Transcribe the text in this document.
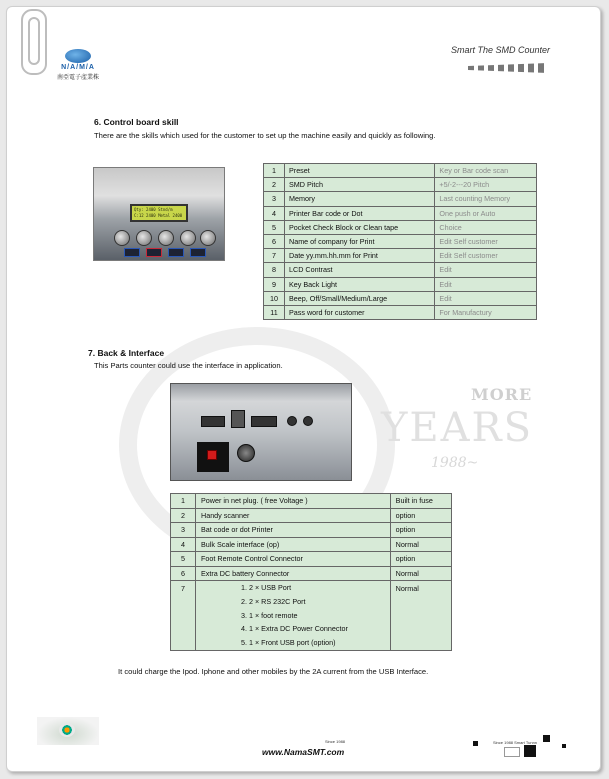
N/A/M/A
南亞電子產業株
Smart The SMD Counter
MORE
YEARS
1988~
6. Control board skill
There are the skills which used for the customer to set up the machine easily and quickly as following.
Qty: 2400 Stnd/m
C:12 2400 Metal 2400
1	Preset	Key or Bar code scan
2	SMD Pitch	+5/-2---20 Pitch
3	Memory	Last counting Memory
4	Printer Bar code or Dot	One push or Auto
5	Pocket Check Block or Clean tape	Choice
6	Name of company for Print	Edit Self customer
7	Date yy.mm.hh.mm for Print	Edit Self customer
8	LCD Contrast	Edit
9	Key Back Light	Edit
10	Beep, Off/Small/Medium/Large	Edit
11	Pass word for customer	For Manufactury
7. Back & Interface
This Parts counter could use the interface in application.
1	Power in net plug. ( free Voltage )	Built in fuse
2	Handy scanner	option
3	Bat code or dot Printer	option
4	Bulk Scale interface (op)	Normal
5	Foot Remote Control Connector	option
6	Extra DC battery Connector	Normal
7	1. 2 × USB Port
2. 2 × RS 232C Port
3. 1 × foot remote
4. 1 × Extra DC Power Connector
5. 1 × Front USB port (option)	Normal
It could charge the Ipod. Iphone and other mobiles by the 2A current from the USB Interface.
Since 1988
www.NamaSMT.com
Since 1988 Smart Tunnn
